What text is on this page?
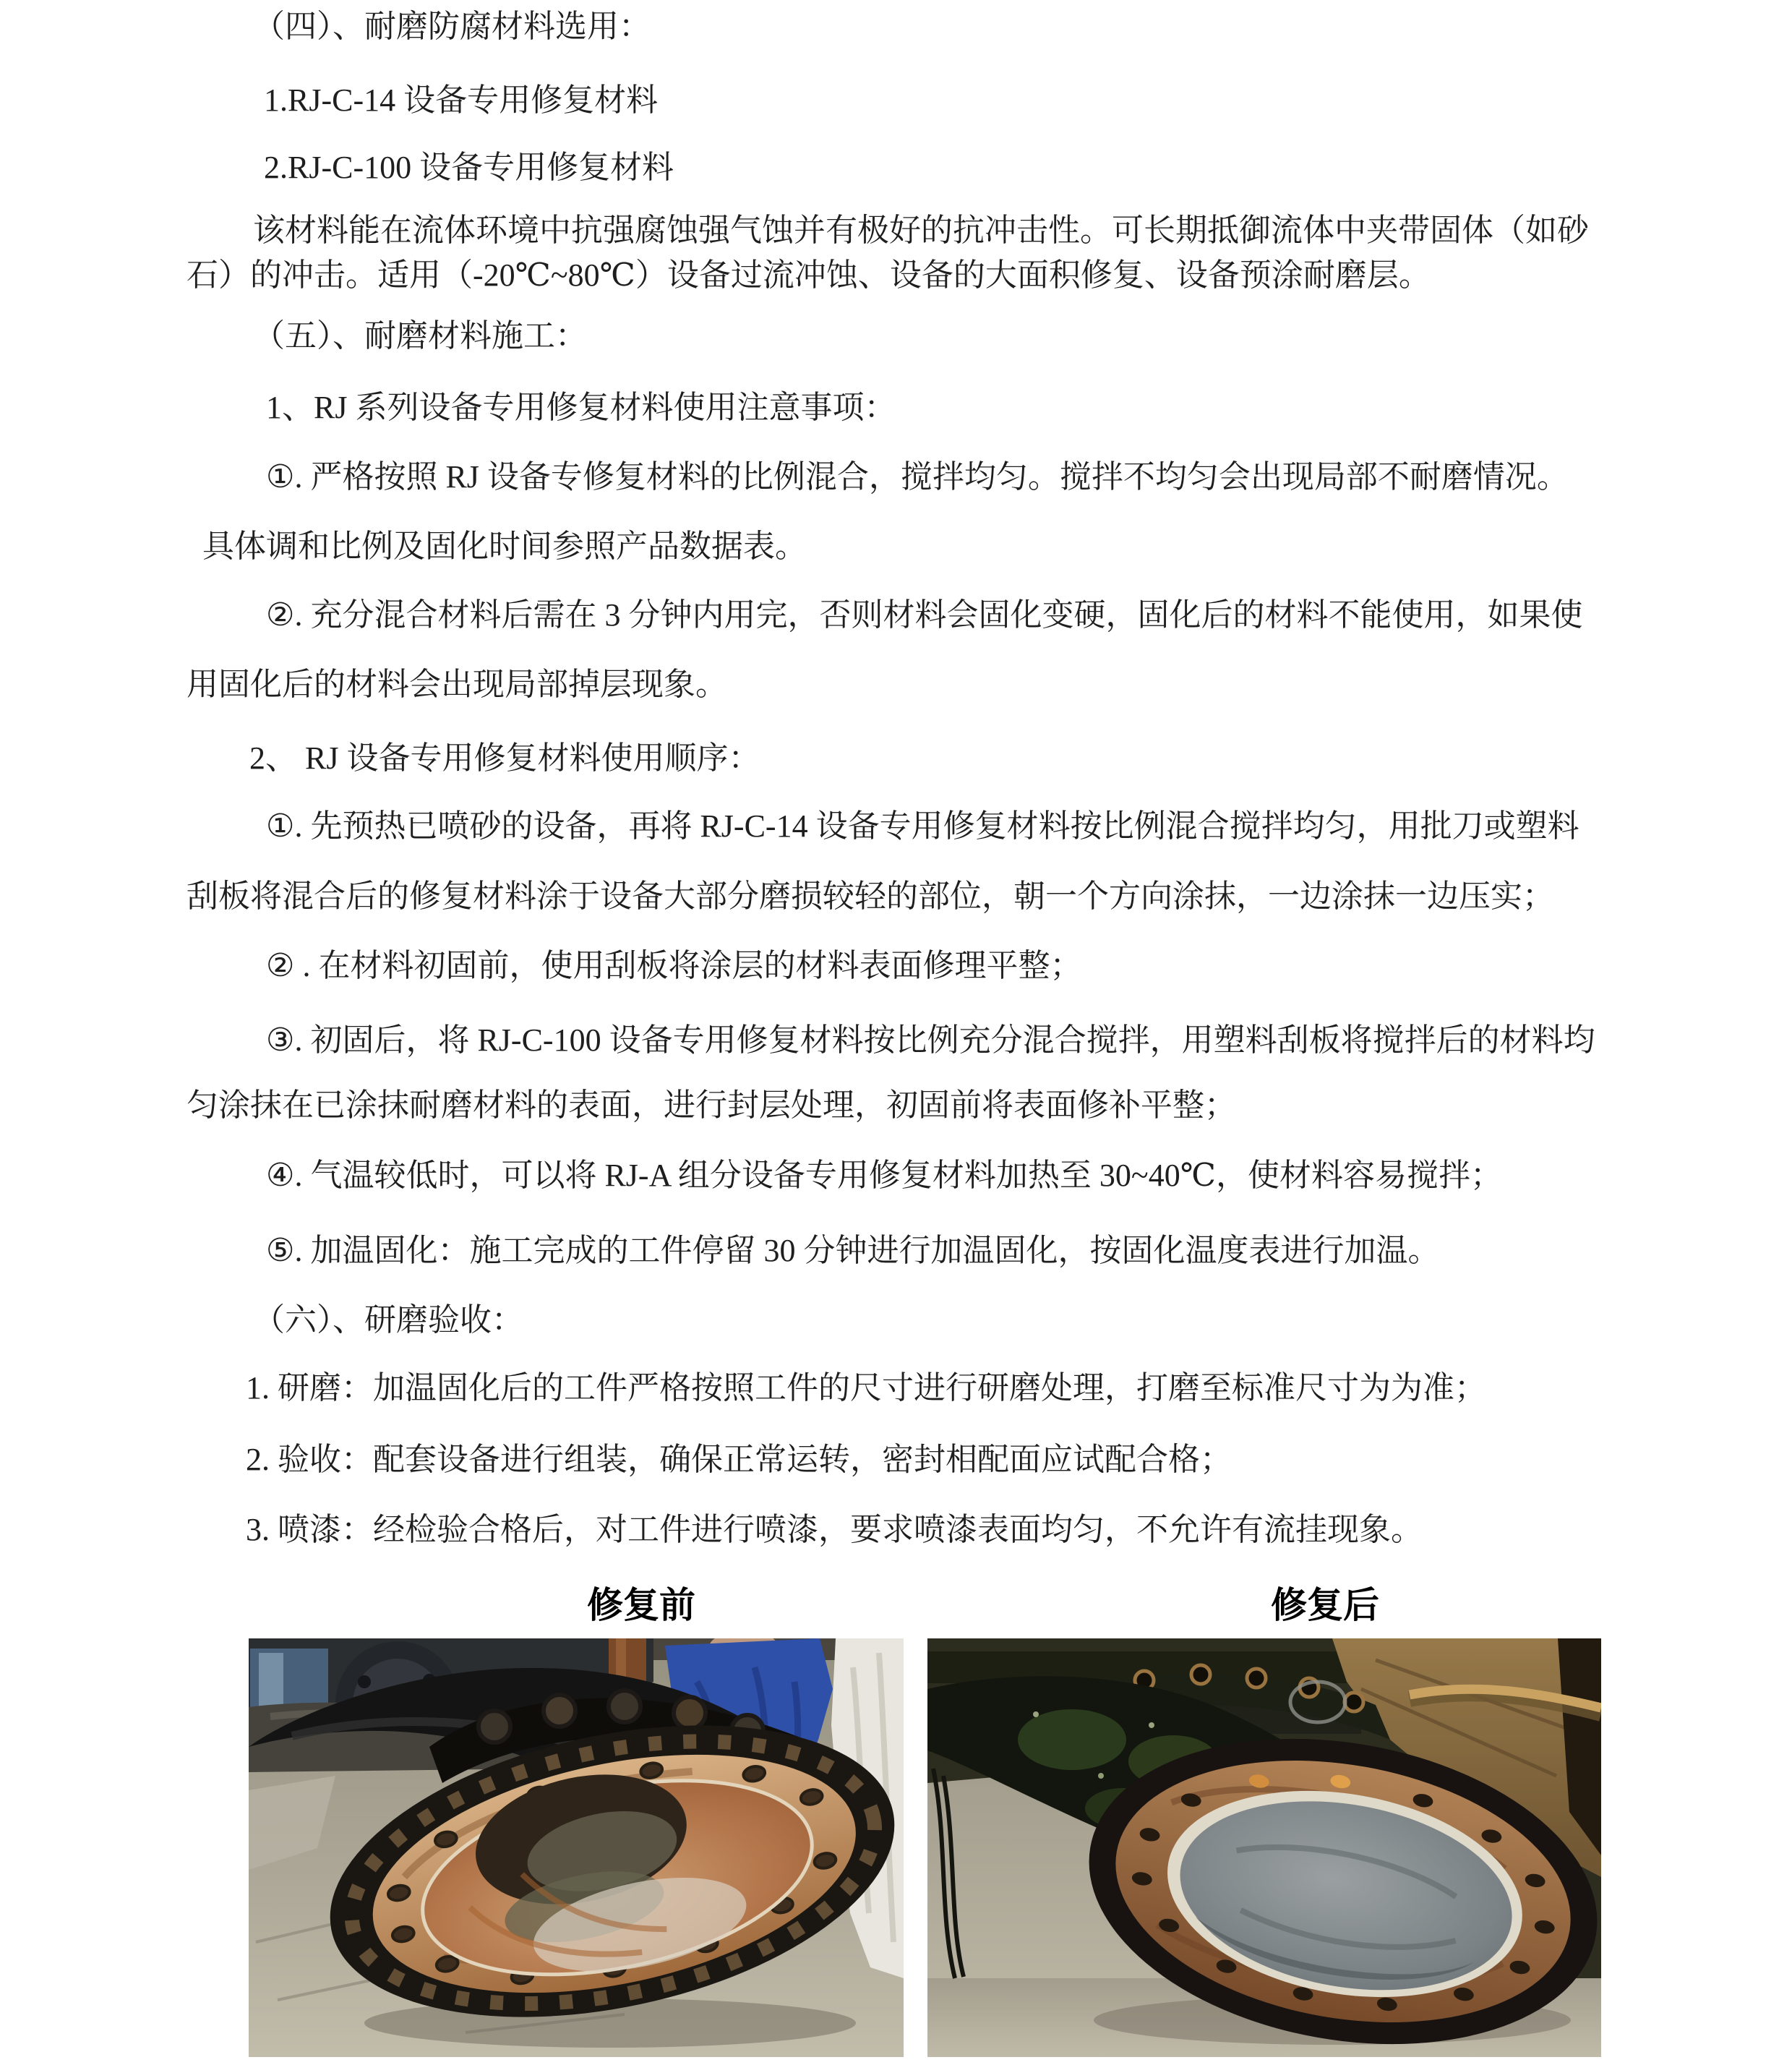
（四）、耐磨防腐材料选用：
1.RJ-C-14 设备专用修复材料
2.RJ-C-100 设备专用修复材料
该材料能在流体环境中抗强腐蚀强气蚀并有极好的抗冲击性。可长期抵御流体中夹带固体（如砂
石）的冲击。适用（-20℃~80℃）设备过流冲蚀、设备的大面积修复、设备预涂耐磨层。
（五）、耐磨材料施工：
1、RJ 系列设备专用修复材料使用注意事项：
①. 严格按照 RJ 设备专修复材料的比例混合，搅拌均匀。搅拌不均匀会出现局部不耐磨情况。
具体调和比例及固化时间参照产品数据表。
②. 充分混合材料后需在 3 分钟内用完，否则材料会固化变硬，固化后的材料不能使用，如果使
用固化后的材料会出现局部掉层现象。
2、 RJ 设备专用修复材料使用顺序：
①. 先预热已喷砂的设备，再将 RJ-C-14 设备专用修复材料按比例混合搅拌均匀，用批刀或塑料
刮板将混合后的修复材料涂于设备大部分磨损较轻的部位，朝一个方向涂抹，一边涂抹一边压实；
② . 在材料初固前，使用刮板将涂层的材料表面修理平整；
③. 初固后，将 RJ-C-100 设备专用修复材料按比例充分混合搅拌，用塑料刮板将搅拌后的材料均
匀涂抹在已涂抹耐磨材料的表面，进行封层处理，初固前将表面修补平整；
④. 气温较低时，可以将 RJ-A 组分设备专用修复材料加热至 30~40℃，使材料容易搅拌；
⑤. 加温固化：施工完成的工件停留 30 分钟进行加温固化，按固化温度表进行加温。
（六）、研磨验收：
1. 研磨：加温固化后的工件严格按照工件的尺寸进行研磨处理，打磨至标准尺寸为为准；
2. 验收：配套设备进行组装，确保正常运转，密封相配面应试配合格；
3. 喷漆：经检验合格后，对工件进行喷漆，要求喷漆表面均匀，不允许有流挂现象。
修复前	修复后
